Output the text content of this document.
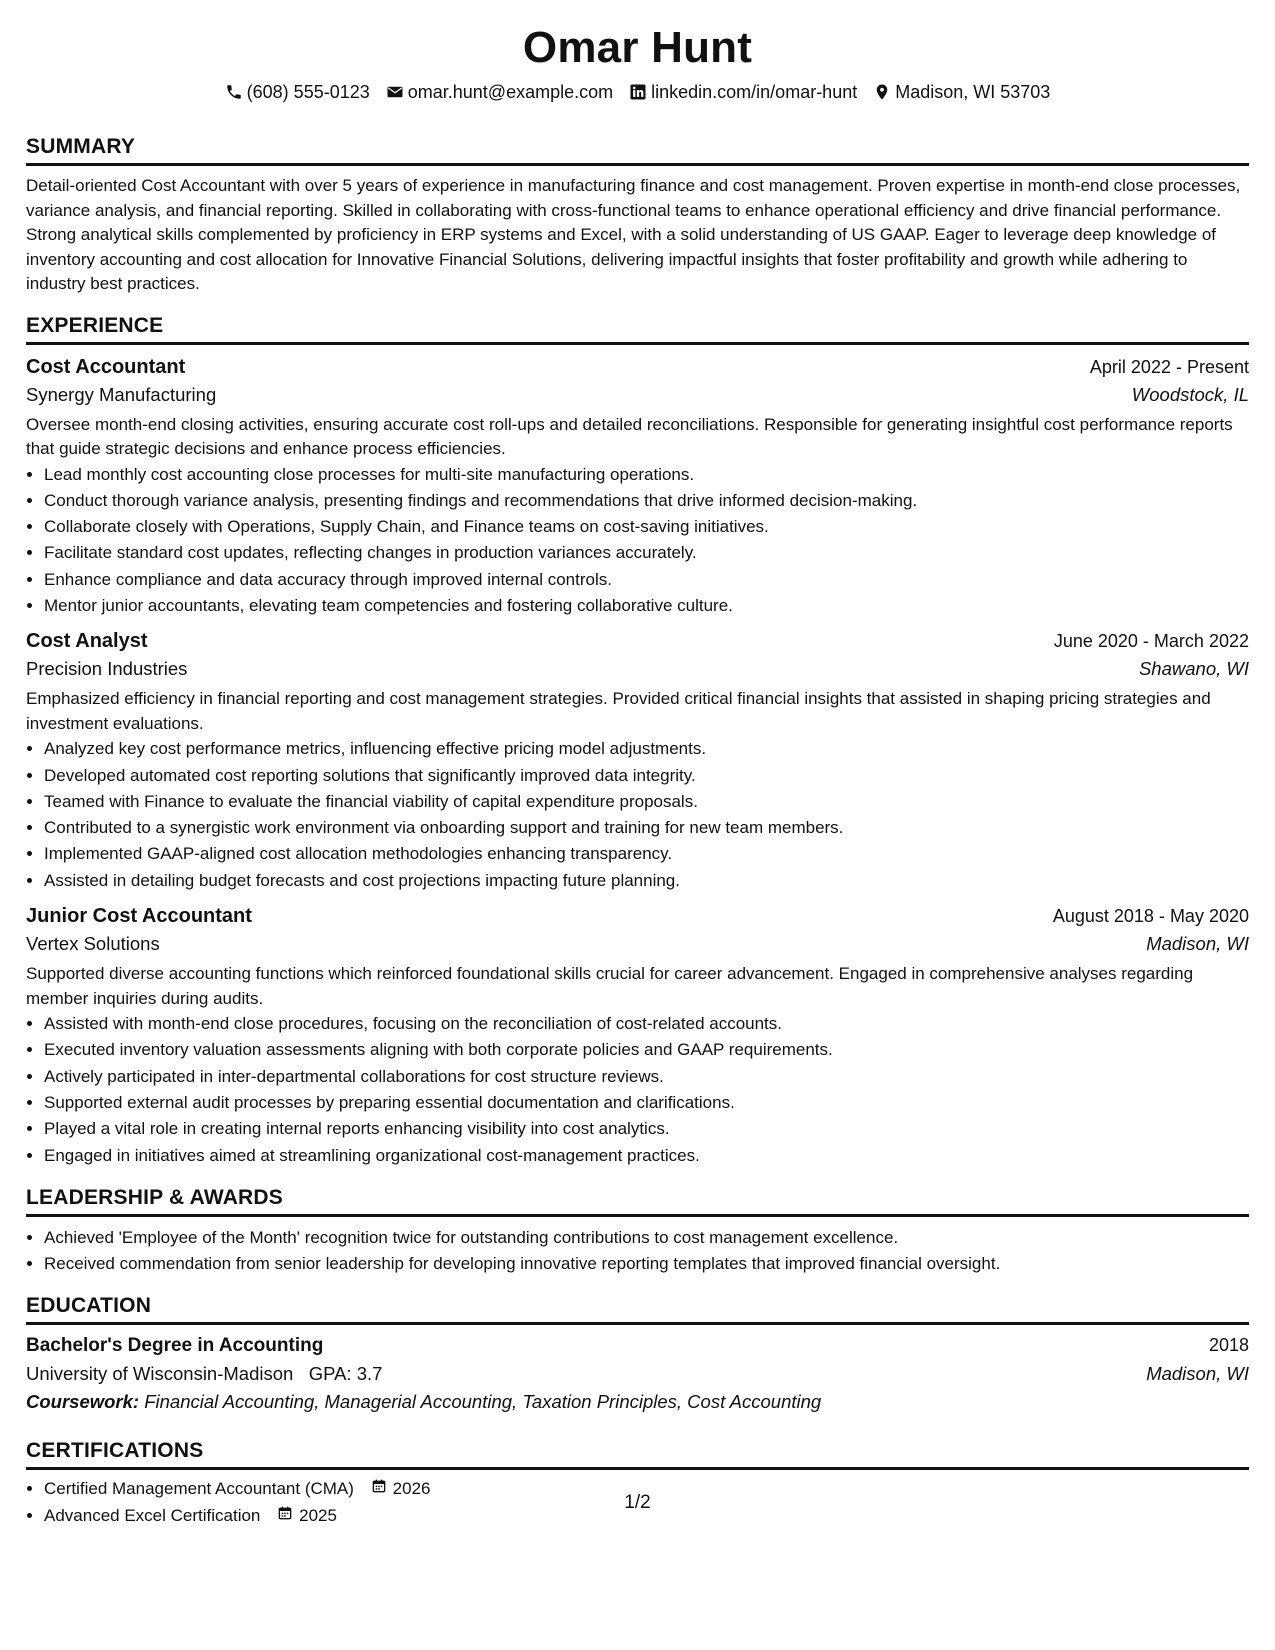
Omar Hunt
(608) 555-0123 omar.hunt@example.com linkedin.com/in/omar-hunt Madison, WI 53703
SUMMARY
Detail-oriented Cost Accountant with over 5 years of experience in manufacturing finance and cost management. Proven expertise in month-end close processes, variance analysis, and financial reporting. Skilled in collaborating with cross-functional teams to enhance operational efficiency and drive financial performance. Strong analytical skills complemented by proficiency in ERP systems and Excel, with a solid understanding of US GAAP. Eager to leverage deep knowledge of inventory accounting and cost allocation for Innovative Financial Solutions, delivering impactful insights that foster profitability and growth while adhering to industry best practices.
EXPERIENCE
Cost Accountant	April 2022 - Present
Synergy Manufacturing	Woodstock, IL
Oversee month-end closing activities, ensuring accurate cost roll-ups and detailed reconciliations. Responsible for generating insightful cost performance reports that guide strategic decisions and enhance process efficiencies.
• Lead monthly cost accounting close processes for multi-site manufacturing operations.
• Conduct thorough variance analysis, presenting findings and recommendations that drive informed decision-making.
• Collaborate closely with Operations, Supply Chain, and Finance teams on cost-saving initiatives.
• Facilitate standard cost updates, reflecting changes in production variances accurately.
• Enhance compliance and data accuracy through improved internal controls.
• Mentor junior accountants, elevating team competencies and fostering collaborative culture.
Cost Analyst	June 2020 - March 2022
Precision Industries	Shawano, WI
Emphasized efficiency in financial reporting and cost management strategies. Provided critical financial insights that assisted in shaping pricing strategies and investment evaluations.
• Analyzed key cost performance metrics, influencing effective pricing model adjustments.
• Developed automated cost reporting solutions that significantly improved data integrity.
• Teamed with Finance to evaluate the financial viability of capital expenditure proposals.
• Contributed to a synergistic work environment via onboarding support and training for new team members.
• Implemented GAAP-aligned cost allocation methodologies enhancing transparency.
• Assisted in detailing budget forecasts and cost projections impacting future planning.
Junior Cost Accountant	August 2018 - May 2020
Vertex Solutions	Madison, WI
Supported diverse accounting functions which reinforced foundational skills crucial for career advancement. Engaged in comprehensive analyses regarding member inquiries during audits.
• Assisted with month-end close procedures, focusing on the reconciliation of cost-related accounts.
• Executed inventory valuation assessments aligning with both corporate policies and GAAP requirements.
• Actively participated in inter-departmental collaborations for cost structure reviews.
• Supported external audit processes by preparing essential documentation and clarifications.
• Played a vital role in creating internal reports enhancing visibility into cost analytics.
• Engaged in initiatives aimed at streamlining organizational cost-management practices.
LEADERSHIP & AWARDS
• Achieved 'Employee of the Month' recognition twice for outstanding contributions to cost management excellence.
• Received commendation from senior leadership for developing innovative reporting templates that improved financial oversight.
EDUCATION
Bachelor's Degree in Accounting	2018
University of Wisconsin-Madison GPA: 3.7	Madison, WI
Coursework: Financial Accounting, Managerial Accounting, Taxation Principles, Cost Accounting
CERTIFICATIONS
• Certified Management Accountant (CMA)
2026
• Advanced Excel Certification
2025
1/2
